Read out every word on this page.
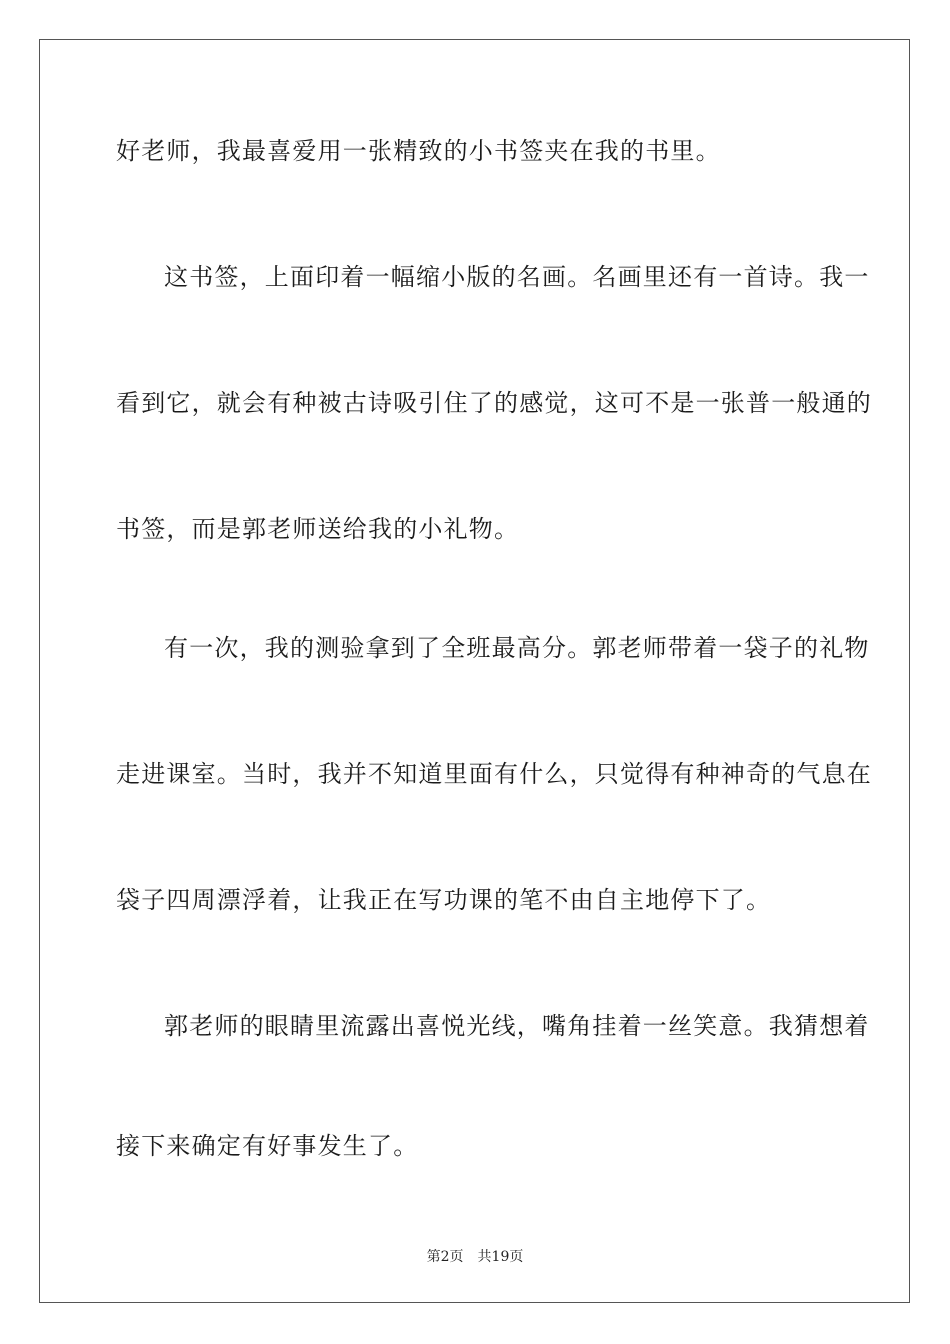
好老师，我最喜爱用一张精致的小书签夹在我的书里。
这书签，上面印着一幅缩小版的名画。名画里还有一首诗。我一
看到它，就会有种被古诗吸引住了的感觉，这可不是一张普一般通的
书签，而是郭老师送给我的小礼物。
有一次，我的测验拿到了全班最高分。郭老师带着一袋子的礼物
走进课室。当时，我并不知道里面有什么，只觉得有种神奇的气息在
袋子四周漂浮着，让我正在写功课的笔不由自主地停下了。
郭老师的眼睛里流露出喜悦光线，嘴角挂着一丝笑意。我猜想着
接下来确定有好事发生了。
第2页 共19页
